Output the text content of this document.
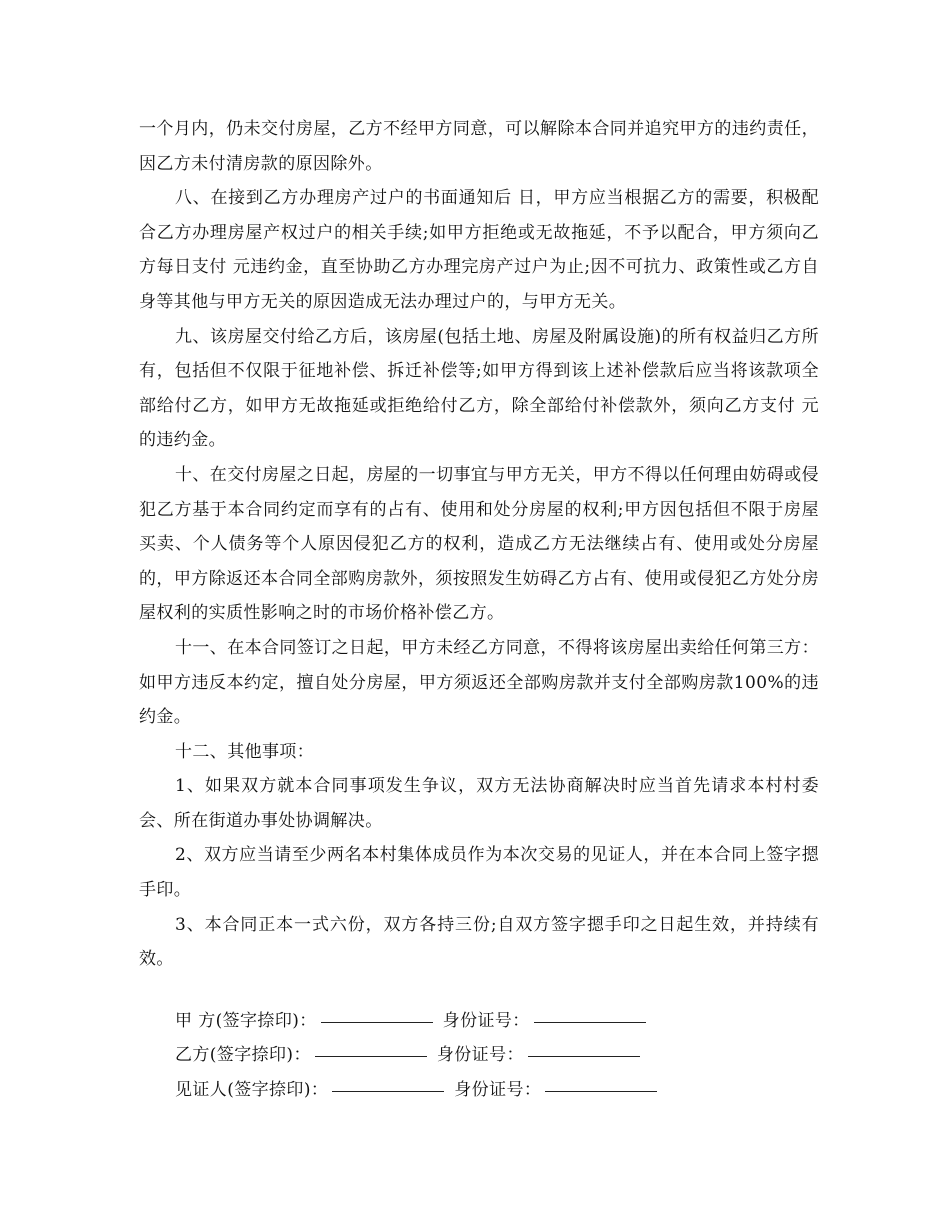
一个月内，仍未交付房屋，乙方不经甲方同意，可以解除本合同并追究甲方的违约责任，因乙方未付清房款的原因除外。

八、在接到乙方办理房产过户的书面通知后 日，甲方应当根据乙方的需要，积极配合乙方办理房屋产权过户的相关手续;如甲方拒绝或无故拖延，不予以配合，甲方须向乙方每日支付 元违约金，直至协助乙方办理完房产过户为止;因不可抗力、政策性或乙方自身等其他与甲方无关的原因造成无法办理过户的，与甲方无关。

九、该房屋交付给乙方后，该房屋(包括土地、房屋及附属设施)的所有权益归乙方所有，包括但不仅限于征地补偿、拆迁补偿等;如甲方得到该上述补偿款后应当将该款项全部给付乙方，如甲方无故拖延或拒绝给付乙方，除全部给付补偿款外，须向乙方支付 元的违约金。

十、在交付房屋之日起，房屋的一切事宜与甲方无关，甲方不得以任何理由妨碍或侵犯乙方基于本合同约定而享有的占有、使用和处分房屋的权利;甲方因包括但不限于房屋买卖、个人债务等个人原因侵犯乙方的权利，造成乙方无法继续占有、使用或处分房屋的，甲方除返还本合同全部购房款外，须按照发生妨碍乙方占有、使用或侵犯乙方处分房屋权利的实质性影响之时的市场价格补偿乙方。

十一、在本合同签订之日起，甲方未经乙方同意，不得将该房屋出卖给任何第三方：如甲方违反本约定，擅自处分房屋，甲方须返还全部购房款并支付全部购房款100%的违约金。

十二、其他事项：

1、如果双方就本合同事项发生争议，双方无法协商解决时应当首先请求本村村委会、所在街道办事处协调解决。

2、双方应当请至少两名本村集体成员作为本次交易的见证人，并在本合同上签字摁手印。

3、本合同正本一式六份，双方各持三份;自双方签字摁手印之日起生效，并持续有效。

甲 方(签字捺印)：	身份证号：
乙方(签字捺印)：	身份证号：
见证人(签字捺印)：	身份证号：
